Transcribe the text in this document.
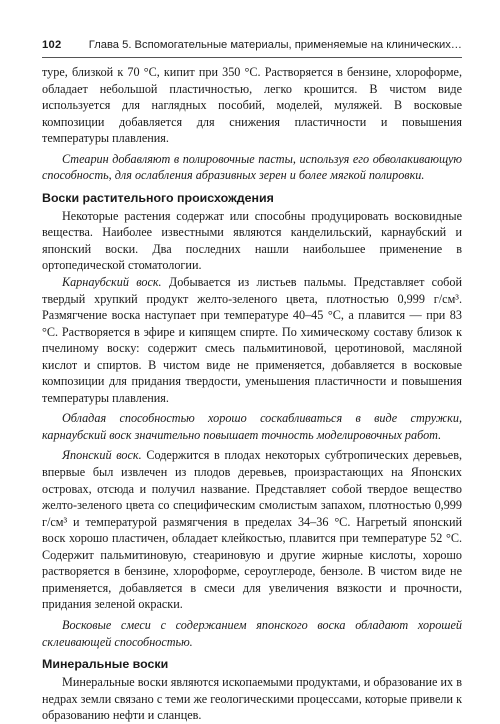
102 Глава 5. Вспомогательные материалы, применяемые на клинических…

туре, близкой к 70 °С, кипит при 350 °С. Растворяется в бензине, хлороформе, обладает небольшой пластичностью, легко крошится. В чистом виде используется для наглядных пособий, моделей, муляжей. В восковые композиции добавляется для снижения пластичности и повышения температуры плавления.

Стеарин добавляют в полировочные пасты, используя его обволакивающую способность, для ослабления абразивных зерен и более мягкой полировки.

Воски растительного происхождения

Некоторые растения содержат или способны продуцировать восковидные вещества. Наиболее известными являются канделильский, карнаубский и японский воски. Два последних нашли наибольшее применение в ортопедической стоматологии.

Карнаубский воск. Добывается из листьев пальмы. Представляет собой твердый хрупкий продукт желто-зеленого цвета, плотностью 0,999 г/см³. Размягчение воска наступает при температуре 40–45 °С, а плавится — при 83 °С. Растворяется в эфире и кипящем спирте. По химическому составу близок к пчелиному воску: содержит смесь пальмитиновой, церотиновой, масляной кислот и спиртов. В чистом виде не применяется, добавляется в восковые композиции для придания твердости, уменьшения пластичности и повышения температуры плавления.

Обладая способностью хорошо соскабливаться в виде стружки, карнаубский воск значительно повышает точность моделировочных работ.

Японский воск. Содержится в плодах некоторых субтропических деревьев, впервые был извлечен из плодов деревьев, произрастающих на Японских островах, отсюда и получил название. Представляет собой твердое вещество желто-зеленого цвета со специфическим смолистым запахом, плотностью 0,999 г/см³ и температурой размягчения в пределах 34–36 °С. Нагретый японский воск хорошо пластичен, обладает клейкостью, плавится при температуре 52 °С. Содержит пальмитиновую, стеариновую и другие жирные кислоты, хорошо растворяется в бензине, хлороформе, сероуглероде, бензоле. В чистом виде не применяется, добавляется в смеси для увеличения вязкости и прочности, придания зеленой окраски.

Восковые смеси с содержанием японского воска обладают хорошей склеивающей способностью.

Минеральные воски

Минеральные воски являются ископаемыми продуктами, и образование их в недрах земли связано с теми же геологическими процессами, которые привели к образованию нефти и сланцев.
